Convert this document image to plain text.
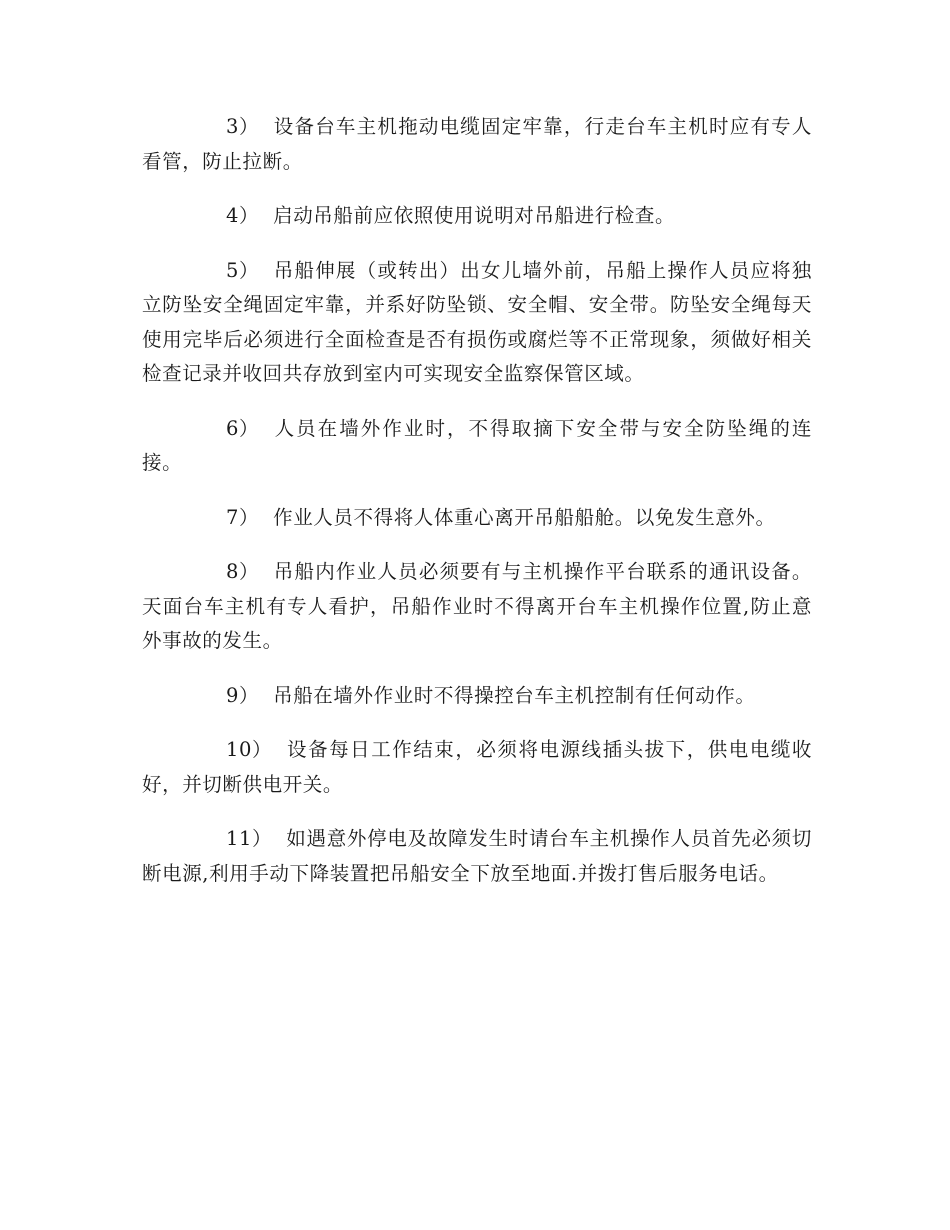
3） 设备台车主机拖动电缆固定牢靠，行走台车主机时应有专人看管，防止拉断。

4） 启动吊船前应依照使用说明对吊船进行检查。

5） 吊船伸展（或转出）出女儿墙外前，吊船上操作人员应将独立防坠安全绳固定牢靠，并系好防坠锁、安全帽、安全带。防坠安全绳每天使用完毕后必须进行全面检查是否有损伤或腐烂等不正常现象，须做好相关检查记录并收回共存放到室内可实现安全监察保管区域。

6） 人员在墙外作业时，不得取摘下安全带与安全防坠绳的连接。

7） 作业人员不得将人体重心离开吊船船舱。以免发生意外。

8） 吊船内作业人员必须要有与主机操作平台联系的通讯设备。天面台车主机有专人看护，吊船作业时不得离开台车主机操作位置,防止意外事故的发生。

9） 吊船在墙外作业时不得操控台车主机控制有任何动作。

10） 设备每日工作结束，必须将电源线插头拔下，供电电缆收好，并切断供电开关。

11） 如遇意外停电及故障发生时请台车主机操作人员首先必须切断电源,利用手动下降装置把吊船安全下放至地面.并拨打售后服务电话。
